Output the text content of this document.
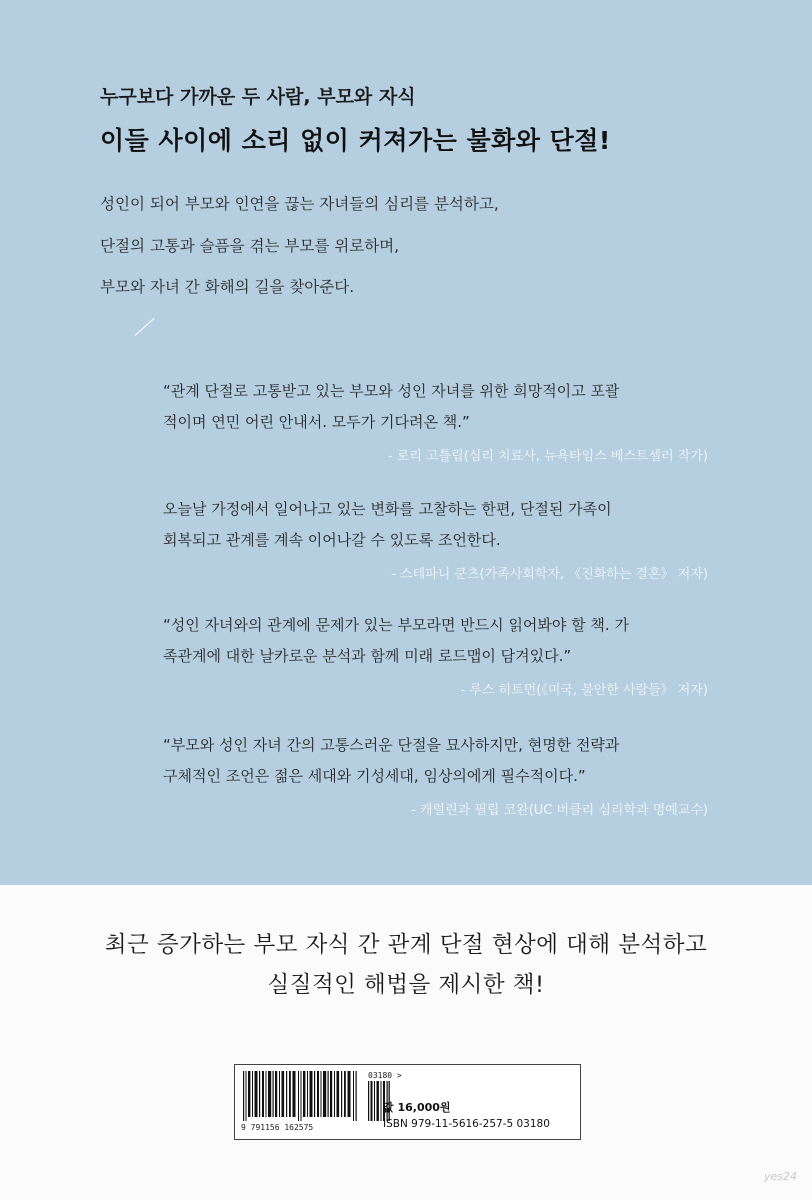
누구보다 가까운 두 사람, 부모와 자식
이들 사이에 소리 없이 커져가는 불화와 단절!
성인이 되어 부모와 인연을 끊는 자녀들의 심리를 분석하고,
단절의 고통과 슬픔을 겪는 부모를 위로하며,
부모와 자녀 간 화해의 길을 찾아준다.
“관계 단절로 고통받고 있는 부모와 성인 자녀를 위한 희망적이고 포괄
적이며 연민 어린 안내서. 모두가 기다려온 책.”
- 로리 고틀립(심리 치료사, 뉴욕타임스 베스트셀러 작가)
오늘날 가정에서 일어나고 있는 변화를 고찰하는 한편, 단절된 가족이
회복되고 관계를 계속 이어나갈 수 있도록 조언한다.
- 스테파니 쿤츠(가족사회학자, 《진화하는 결혼》 저자)
“성인 자녀와의 관계에 문제가 있는 부모라면 반드시 읽어봐야 할 책. 가
족관계에 대한 날카로운 분석과 함께 미래 로드맵이 담겨있다.”
- 루스 히트먼(《미국, 불안한 사람들》 저자)
“부모와 성인 자녀 간의 고통스러운 단절을 묘사하지만, 현명한 전략과
구체적인 조언은 젊은 세대와 기성세대, 임상의에게 필수적이다.”
- 캐럴린과 필립 코완(UC 버클리 심리학과 명예교수)
최근 증가하는 부모 자식 간 관계 단절 현상에 대해 분석하고
실질적인 해법을 제시한 책!
9 791156 162575
03180 >
값 16,000원
ISBN 979-11-5616-257-5 03180
yes24
